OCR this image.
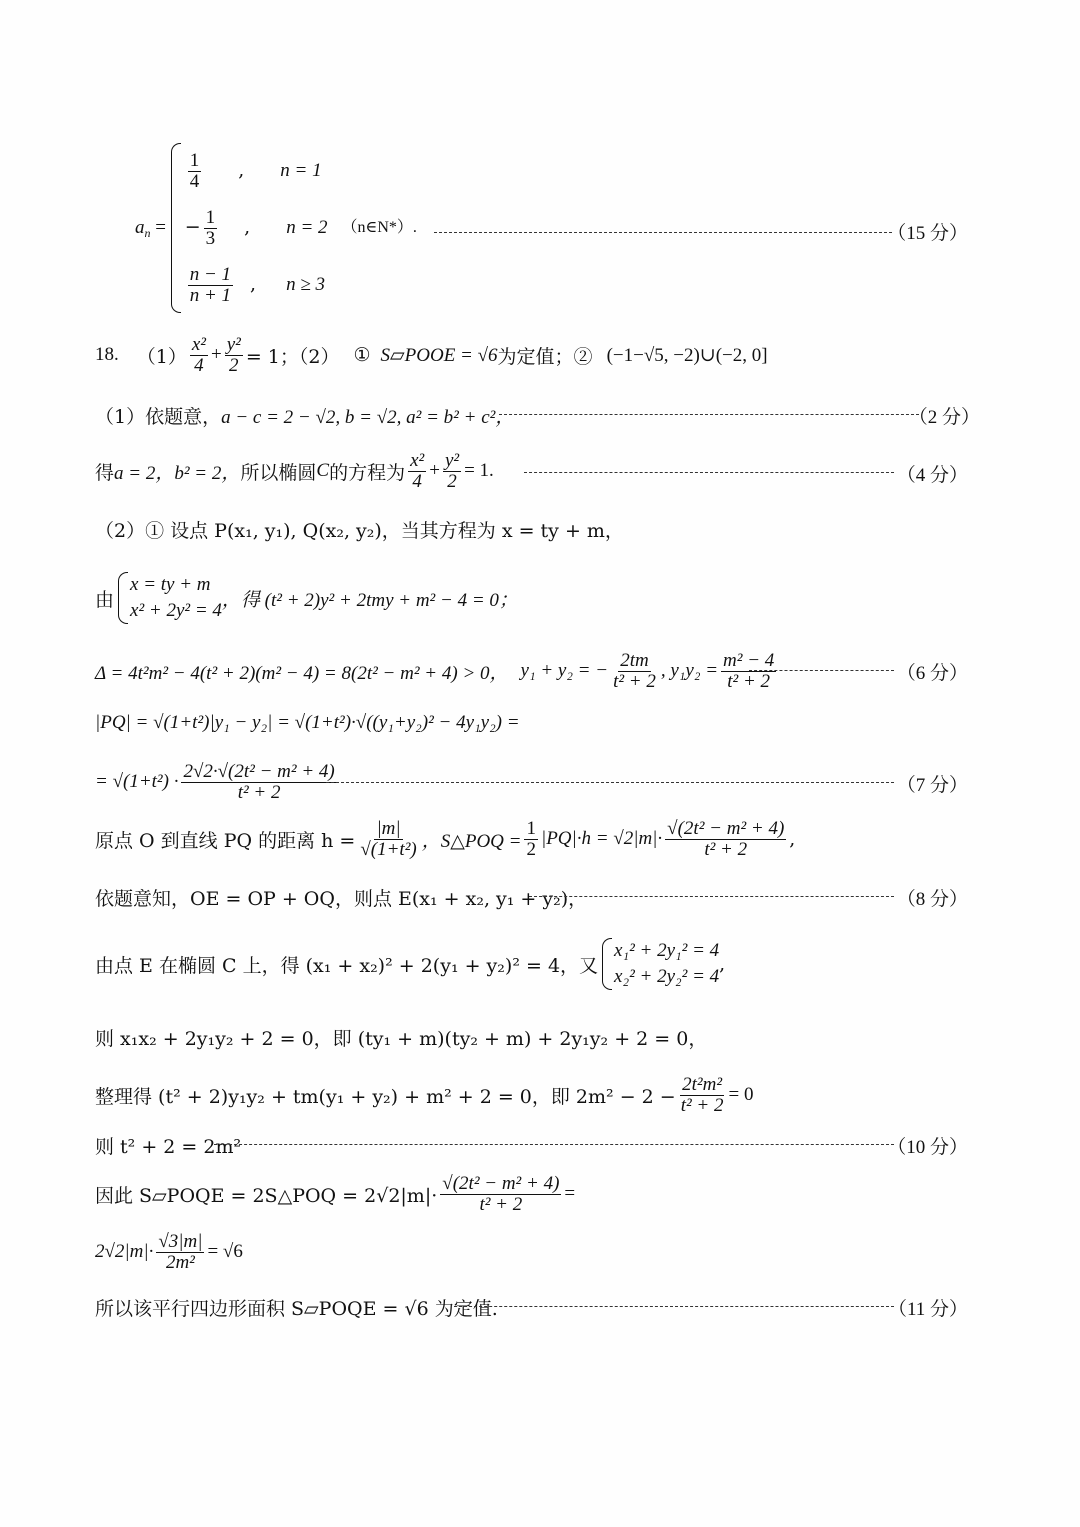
$a_n$ =
$\frac{1}{4}$ , n = 1
− $\frac{1}{3}$ , n = 2 （n∈N*）.
$\frac{n - 1}{n + 1}$ , n ≥ 3
（15 分）
18. $(1) \frac{\text{x²}}{4} + \frac{\text{y²}}{2} = 1$；（2） ① S▱POOE = √6 为定值；② (−1−√5, −2)∪(−2, 0]
（1）依题意， a − c = 2 − √2, b = √2, a² = b² + c²，	（2 分）
得 a = 2，b² = 2， 所以椭圆 C 的方程为 $\frac{\text{x²}}{4} + \frac{\text{y²}}{2} = 1$.	（4 分）
（2）① 设点 P(x₁, y₁), Q(x₂, y₂)，当其方程为 x = ty + m，
由
x = ty + m
x² + 2y² = 4 ，得 (t² + 2)y² + 2tmy + m² − 4 = 0；
Δ = 4t²m² − 4(t² + 2)(m² − 4) = 8(2t² − m² + 4) > 0， y₁ + y₂ = − $\frac{2tm}{\text{t² + 2}}$ , $y_1y_2 = \frac{\text{m² − 4}}{\text{t² + 2}}$	（6 分）
|PQ| = √(1+t²)|y₁ − y₂| = √(1+t²)·√((y₁+y₂)² − 4y₁y₂) =
= $√(1+t^2) \cdot \frac{\text{2√2·√(2t² − m² + 4)}}{\text{t² + 2}}$	（7 分）
原点 O 到直线 PQ 的距离 $h = \frac{|m|}{\text{√(1+t²)}}$ ，S△POQ = $\frac{1}{2} |PQ|\cdot h = √2|m|\cdot \frac{\text{√(2t² − m² + 4)}}{\text{t² + 2}}$ ,
依题意知，OE = OP + OQ，则点 E(x₁ + x₂, y₁ + y₂)，	（8 分）
由点 E 在椭圆 C 上，得 (x₁ + x₂)² + 2(y₁ + y₂)² = 4，又
x₁² + 2y₁² = 4
x₂² + 2y₂² = 4
,
则 x₁x₂ + 2y₁y₂ + 2 = 0，即 (ty₁ + m)(ty₂ + m) + 2y₁y₂ + 2 = 0，
整理得 (t² + 2)y₁y₂ + tm(y₁ + y₂) + m² + 2 = 0，即 $2m^2 - 2 - \frac{\text{2t²m²}}{\text{t² + 2}} = 0$
则 t² + 2 = 2m²	（10 分）
因此 S▱POQE = 2S△POQ = $2√2|m|\cdot \frac{\text{√(2t² − m² + 4)}}{\text{t² + 2}}$ =
$2√2|m|\cdot \frac{√3|m|}{\text{2m²}} = √6$
所以该平行四边形面积 S▱POQE = √6 为定值.	（11 分）
